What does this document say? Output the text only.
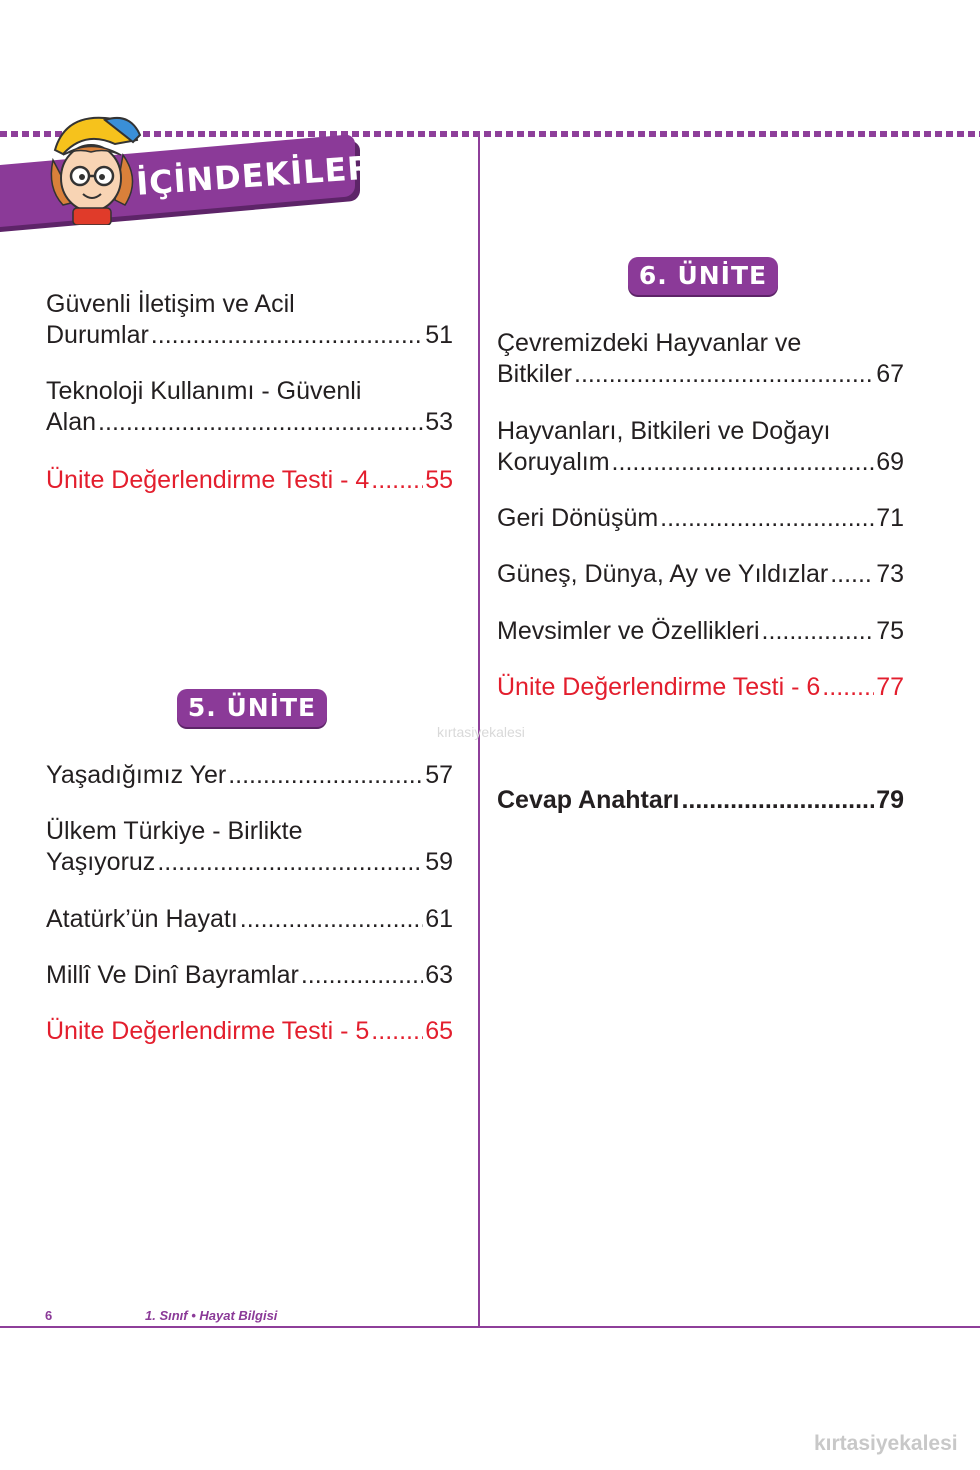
İÇİNDEKİLER
6. ÜNİTE
5. ÜNİTE
Güvenli İletişim ve Acil
Durumlar .....	51
Teknoloji Kullanımı - Güvenli
Alan .....	53
Ünite Değerlendirme Testi - 4 ..... 55
Yaşadığımız Yer .....	57
Ülkem Türkiye - Birlikte
Yaşıyoruz .....	59
Atatürk’ün Hayatı .....	61
Millî Ve Dinî Bayramlar .....	63
Ünite Değerlendirme Testi - 5 ..... 65
Çevremizdeki Hayvanlar ve
Bitkiler .....	67
Hayvanları, Bitkileri ve Doğayı
Koruyalım .....	69
Geri Dönüşüm .....	71
Güneş, Dünya, Ay ve Yıldızlar ..... 73
Mevsimler ve Özellikleri .....	75
Ünite Değerlendirme Testi - 6 ..... 77
Cevap Anahtarı .....	79
kırtasiyekalesi
6	1. Sınıf • Hayat Bilgisi
kırtasiyekalesi
